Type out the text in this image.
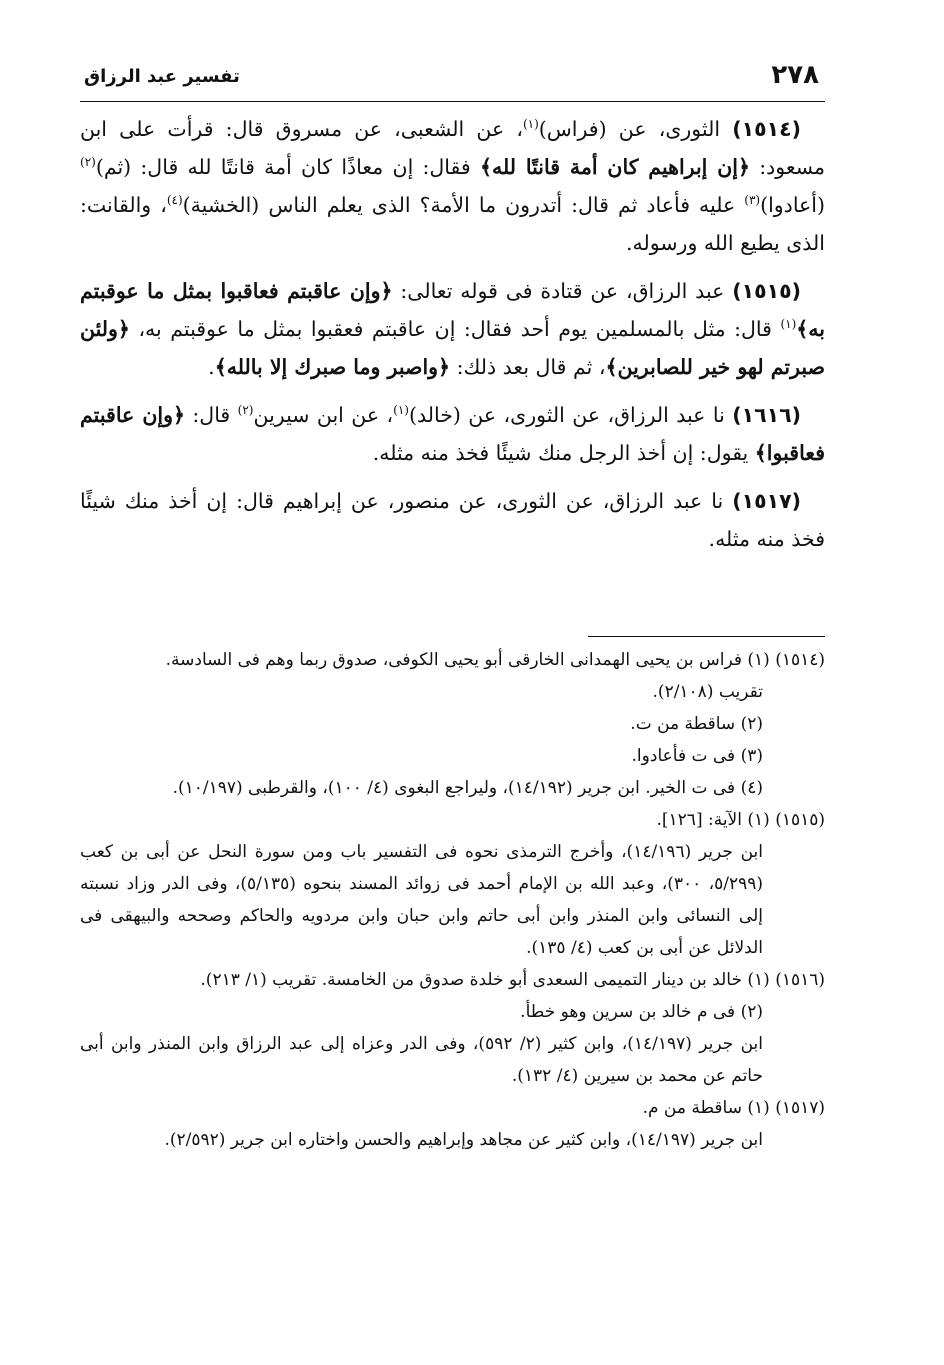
٢٧٨
تفسير عبد الرزاق

(١٥١٤) الثورى، عن (فراس)$^{(١)}$، عن الشعبى، عن مسروق قال: قرأت على ابن مسعود: ﴿إن إبراهيم كان أمة قانتًا لله﴾ فقال: إن معاذًا كان أمة قانتًا لله قال: (ثم)$^{(٢)}$ (أعادوا)$^{(٣)}$ عليه فأعاد ثم قال: أتدرون ما الأمة؟ الذى يعلم الناس (الخشية)$^{(٤)}$، والقانت: الذى يطيع الله ورسوله.

(١٥١٥) عبد الرزاق، عن قتادة فى قوله تعالى: ﴿وإن عاقبتم فعاقبوا بمثل ما عوقبتم به﴾$^{(١)}$ قال: مثل بالمسلمين يوم أحد فقال: إن عاقبتم فعقبوا بمثل ما عوقبتم به، ﴿ولئن صبرتم لهو خير للصابرين﴾، ثم قال بعد ذلك: ﴿واصبر وما صبرك إلا بالله﴾.

(١٦١٦) نا عبد الرزاق، عن الثورى، عن (خالد)$^{(١)}$، عن ابن سيرين$^{(٢)}$ قال: ﴿وإن عاقبتم فعاقبوا﴾ يقول: إن أخذ الرجل منك شيئًا فخذ منه مثله.

(١٥١٧) نا عبد الرزاق، عن الثورى، عن منصور، عن إبراهيم قال: إن أخذ منك شيئًا فخذ منه مثله.

(١٥١٤) (١) فراس بن يحيى الهمدانى الخارقى أبو يحيى الكوفى، صدوق ربما وهم فى السادسة.

تقريب (٢/١٠٨).

(٢) ساقطة من ت.

(٣) فى ت فأعادوا.

(٤) فى ت الخير. ابن جرير (١٤/١٩٢)، وليراجع البغوى (٤/ ١٠٠)، والقرطبى (١٠/١٩٧).

(١٥١٥) (١) الآية: [١٢٦].

ابن جرير (١٤/١٩٦)، وأخرج الترمذى نحوه فى التفسير باب ومن سورة النحل عن أبى بن كعب (٥/٢٩٩، ٣٠٠)، وعبد الله بن الإمام أحمد فى زوائد المسند بنحوه (٥/١٣٥)، وفى الدر وزاد نسبته إلى النسائى وابن المنذر وابن أبى حاتم وابن حبان وابن مردويه والحاكم وصححه والبيهقى فى الدلائل عن أبى بن كعب (٤/ ١٣٥).

(١٥١٦) (١) خالد بن دينار التميمى السعدى أبو خلدة صدوق من الخامسة. تقريب (١/ ٢١٣).

(٢) فى م خالد بن سرين وهو خطأ.

ابن جرير (١٤/١٩٧)، وابن كثير (٢/ ٥٩٢)، وفى الدر وعزاه إلى عبد الرزاق وابن المنذر وابن أبى حاتم عن محمد بن سيرين (٤/ ١٣٢).

(١٥١٧) (١) ساقطة من م.

ابن جرير (١٤/١٩٧)، وابن كثير عن مجاهد وإبراهيم والحسن واختاره ابن جرير (٢/٥٩٢).
